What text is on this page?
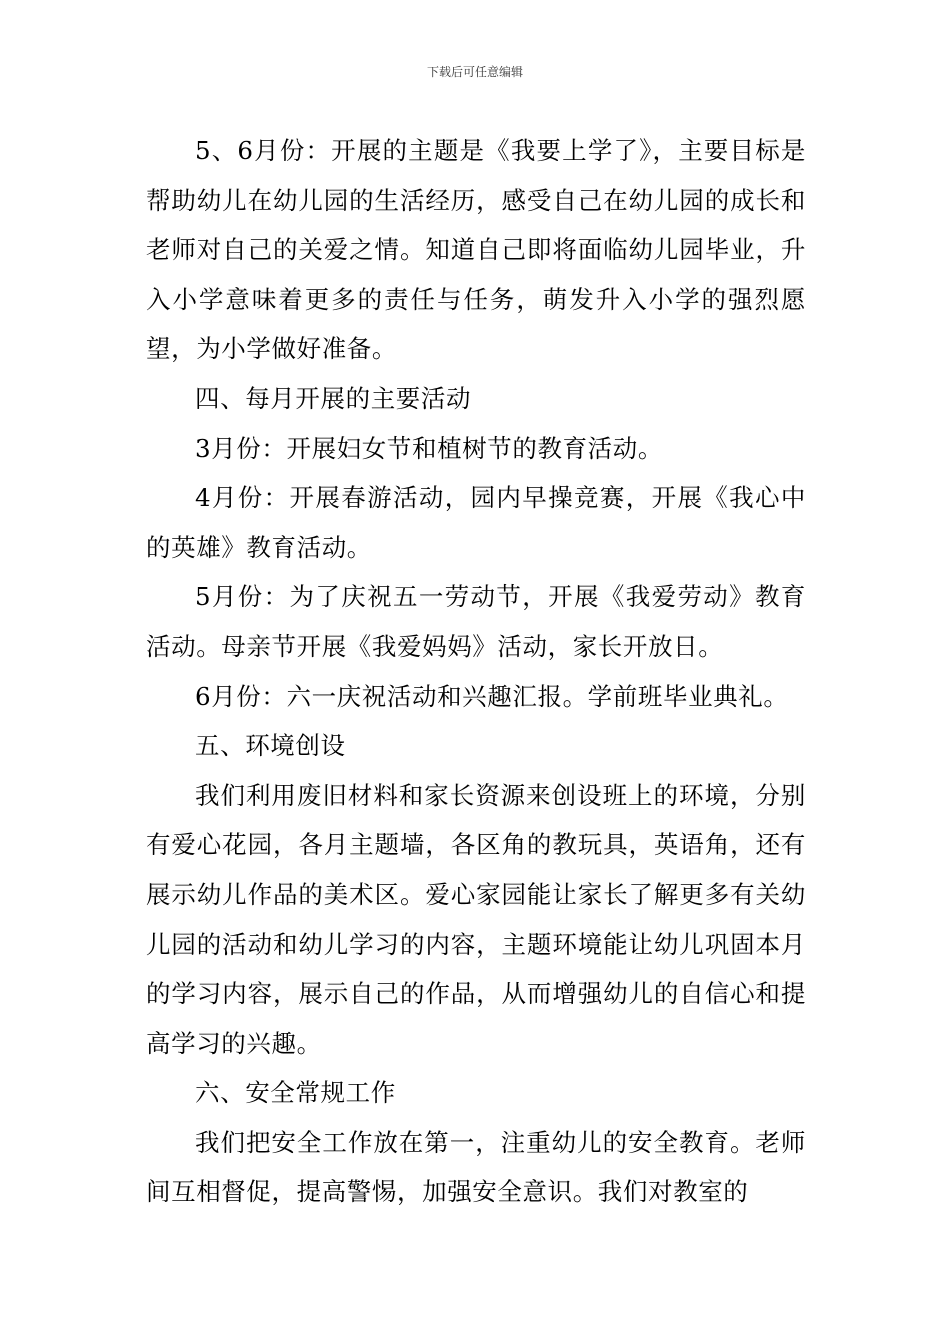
下载后可任意编辑

5、6月份：开展的主题是《我要上学了》，主要目标是帮助幼儿在幼儿园的生活经历，感受自己在幼儿园的成长和老师对自己的关爱之情。知道自己即将面临幼儿园毕业，升入小学意味着更多的责任与任务，萌发升入小学的强烈愿望，为小学做好准备。

四、每月开展的主要活动

3月份：开展妇女节和植树节的教育活动。

4月份：开展春游活动，园内早操竞赛，开展《我心中的英雄》教育活动。

5月份：为了庆祝五一劳动节，开展《我爱劳动》教育活动。母亲节开展《我爱妈妈》活动，家长开放日。

6月份：六一庆祝活动和兴趣汇报。学前班毕业典礼。

五、环境创设

我们利用废旧材料和家长资源来创设班上的环境，分别有爱心花园，各月主题墙，各区角的教玩具，英语角，还有展示幼儿作品的美术区。爱心家园能让家长了解更多有关幼儿园的活动和幼儿学习的内容，主题环境能让幼儿巩固本月的学习内容，展示自己的作品，从而增强幼儿的自信心和提高学习的兴趣。

六、安全常规工作

我们把安全工作放在第一，注重幼儿的安全教育。老师间互相督促，提高警惕，加强安全意识。我们对教室的
